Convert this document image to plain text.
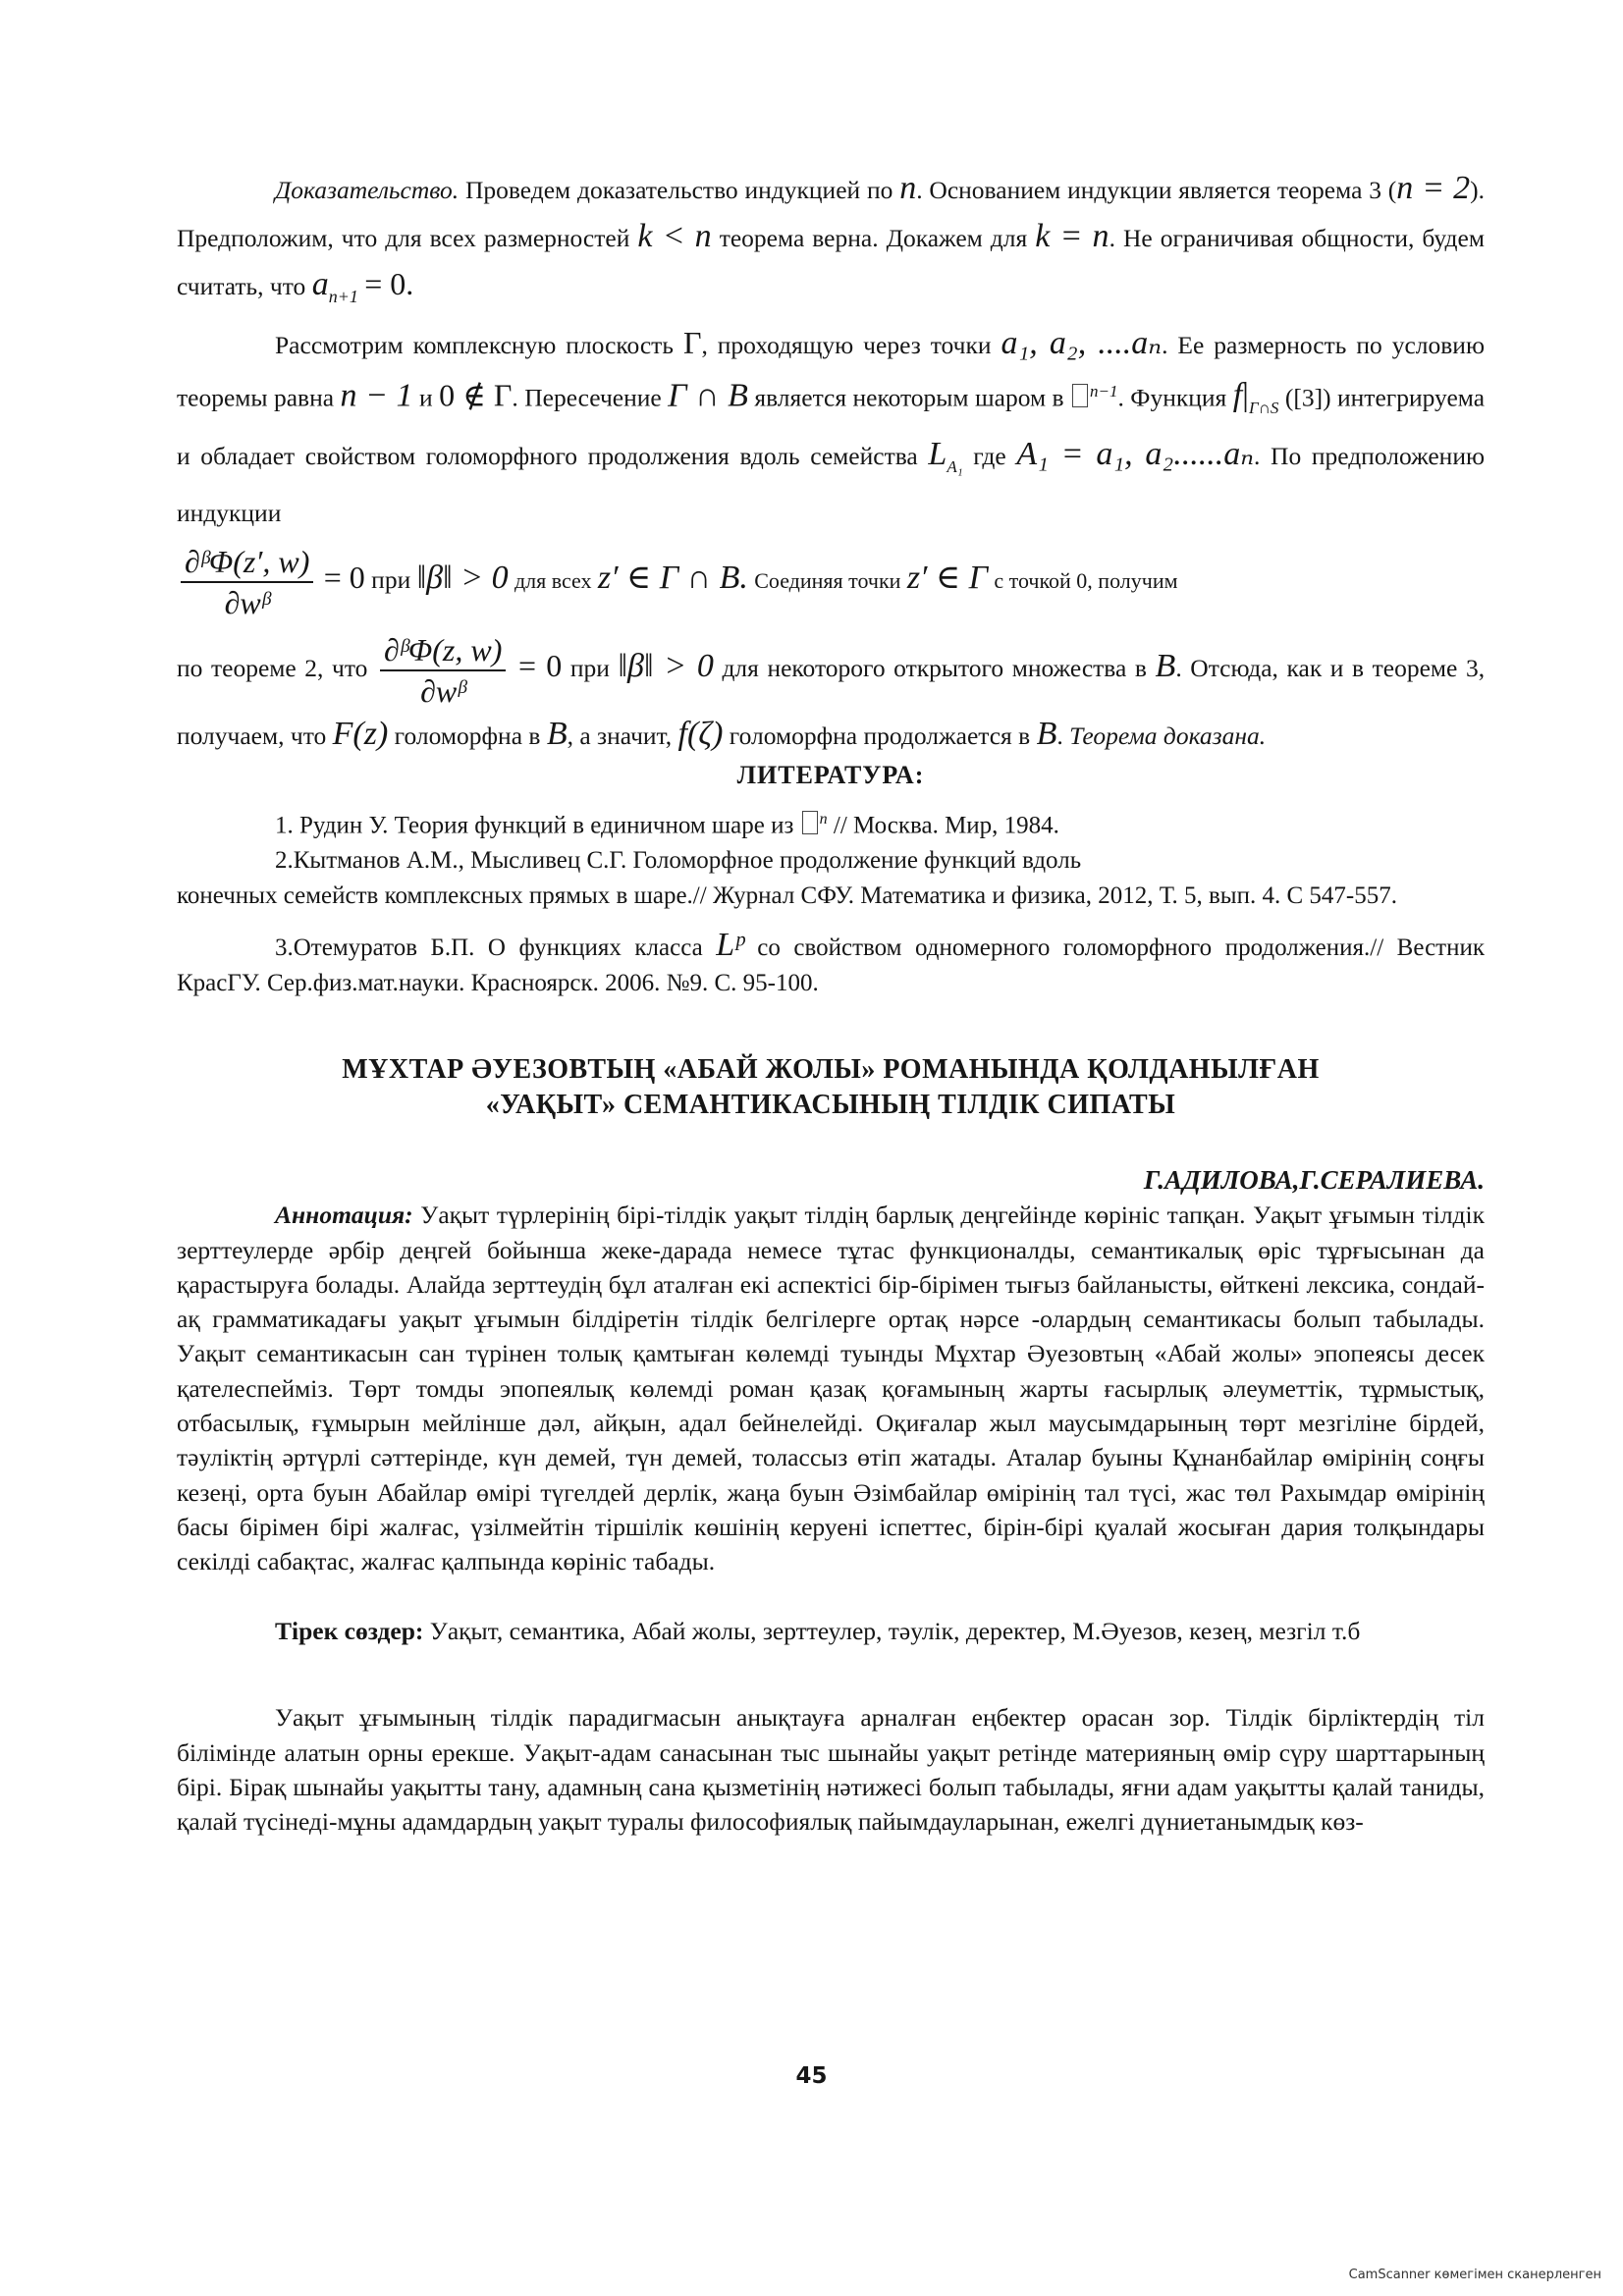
Доказательство. Проведем доказательство индукцией по n. Основанием индукции является теорема 3 (n = 2). Предположим, что для всех размерностей k < n теорема верна. Докажем для k = n. Не ограничивая общности, будем считать, что $a_{n+1} = 0$.

Рассмотрим комплексную плоскость Γ, проходящую через точки a₁, a₂, ....aₙ. Ее размерность по условию теоремы равна n − 1 и 0 ∉ Γ. Пересечение Γ ∩ B является некоторым шаром в $^{n-1}$. Функция $f|_{\Gamma\cap S}$ ([3]) интегрируема и обладает свойством голоморфного продолжения вдоль семейства $L_{A_1}$ где A₁ = a₁, a₂......aₙ. По предположению индукции

$\frac{\text{∂ᵝΦ(z′, w)}}{\text{∂wᵝ}} = 0$ при ‖β‖ > 0 для всех z′ ∈ Γ ∩ B. Соединяя точки z′ ∈ Γ с точкой 0, получим

по теореме 2, что $\frac{\text{∂ᵝΦ(z, w)}}{\text{∂wᵝ}} = 0$ при ‖β‖ > 0 для некоторого открытого множества в B. Отсюда, как и в теореме 3, получаем, что F(z) голоморфна в B, а значит, f(ζ) голоморфна продолжается в B. Теорема доказана.

ЛИТЕРАТУРА:

1. Рудин У. Теория функций в единичном шаре из $^n$ // Москва. Мир, 1984.

2.Кытманов А.М., Мысливец С.Г. Голоморфное продолжение функций вдоль

конечных семейств комплексных прямых в шаре.// Журнал СФУ. Математика и физика, 2012, Т. 5, вып. 4. С 547-557.

3.Отемуратов Б.П. О функциях класса Lᵖ со свойством одномерного голоморфного продолжения.// Вестник КрасГУ. Сер.физ.мат.науки. Красноярск. 2006. №9. С. 95-100.

МҰХТАР ӘУЕЗОВТЫҢ «АБАЙ ЖОЛЫ» РОМАНЫНДА ҚОЛДАНЫЛҒАН
«УАҚЫТ» СЕМАНТИКАСЫНЫҢ ТІЛДІК СИПАТЫ
Г.АДИЛОВА,Г.СЕРАЛИЕВА.

Аннотация: Уақыт түрлерінің бірі-тілдік уақыт тілдің барлық деңгейінде көрініс тапқан. Уақыт ұғымын тілдік зерттеулерде әрбір деңгей бойынша жеке-дарада немесе тұтас функционалды, семантикалық өріс тұрғысынан да қарастыруға болады. Алайда зерттеудің бұл аталған екі аспектісі бір-бірімен тығыз байланысты, өйткені лексика, сондай-ақ грамматикадағы уақыт ұғымын білдіретін тілдік белгілерге ортақ нәрсе -олардың семантикасы болып табылады. Уақыт семантикасын сан түрінен толық қамтыған көлемді туынды Мұхтар Әуезовтың «Абай жолы» эпопеясы десек қателеспейміз. Төрт томды эпопеялық көлемді роман қазақ қоғамының жарты ғасырлық әлеуметтік, тұрмыстық, отбасылық, ғұмырын мейлінше дәл, айқын, адал бейнелейді. Оқиғалар жыл маусымдарының төрт мезгіліне бірдей, тәуліктің әртүрлі сәттерінде, күн демей, түн демей, толассыз өтіп жатады. Аталар буыны Құнанбайлар өмірінің соңғы кезеңі, орта буын Абайлар өмірі түгелдей дерлік, жаңа буын Әзімбайлар өмірінің тал түсі, жас төл Рахымдар өмірінің басы бірімен бірі жалғас, үзілмейтін тіршілік көшінің керуені іспеттес, бірін-бірі қуалай жосыған дария толқындары секілді сабақтас, жалғас қалпында көрініс табады.

Тірек сөздер: Уақыт, семантика, Абай жолы, зерттеулер, тәулік, деректер, М.Әуезов, кезең, мезгіл т.б

Уақыт ұғымының тілдік парадигмасын анықтауға арналған еңбектер орасан зор. Тілдік бірліктердің тіл білімінде алатын орны ерекше. Уақыт-адам санасынан тыс шынайы уақыт ретінде материяның өмір сүру шарттарының бірі. Бірақ шынайы уақытты тану, адамның сана қызметінің нәтижесі болып табылады, яғни адам уақытты қалай таниды, қалай түсінеді-мұны адамдардың уақыт туралы философиялық пайымдауларынан, ежелгі дүниетанымдық көз-

45
CamScanner көмегімен сканерленген
